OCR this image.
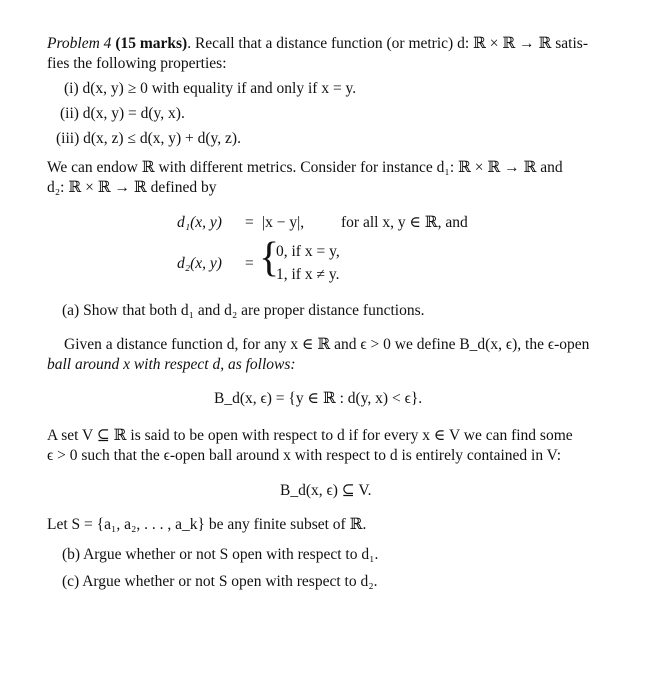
Problem 4 (15 marks). Recall that a distance function (or metric) d: ℝ × ℝ → ℝ satis-
fies the following properties:
(i) d(x, y) ≥ 0 with equality if and only if x = y.
(ii) d(x, y) = d(y, x).
(iii) d(x, z) ≤ d(x, y) + d(y, z).
We can endow ℝ with different metrics. Consider for instance d₁: ℝ × ℝ → ℝ and
d₂: ℝ × ℝ → ℝ defined by
d₁(x, y) = |x − y|, for all x, y ∈ ℝ, and
d₂(x, y) = {
0, if x = y,
1, if x ≠ y.
(a) Show that both d₁ and d₂ are proper distance functions.
Given a distance function d, for any x ∈ ℝ and ϵ > 0 we define B_d(x, ϵ), the ϵ-open
ball around x with respect d, as follows:
B_d(x, ϵ) = {y ∈ ℝ : d(y, x) < ϵ}.
A set V ⊆ ℝ is said to be open with respect to d if for every x ∈ V we can find some
ϵ > 0 such that the ϵ-open ball around x with respect to d is entirely contained in V:
B_d(x, ϵ) ⊆ V.
Let S = {a₁, a₂, . . . , a_k} be any finite subset of ℝ.
(b) Argue whether or not S open with respect to d₁.
(c) Argue whether or not S open with respect to d₂.
